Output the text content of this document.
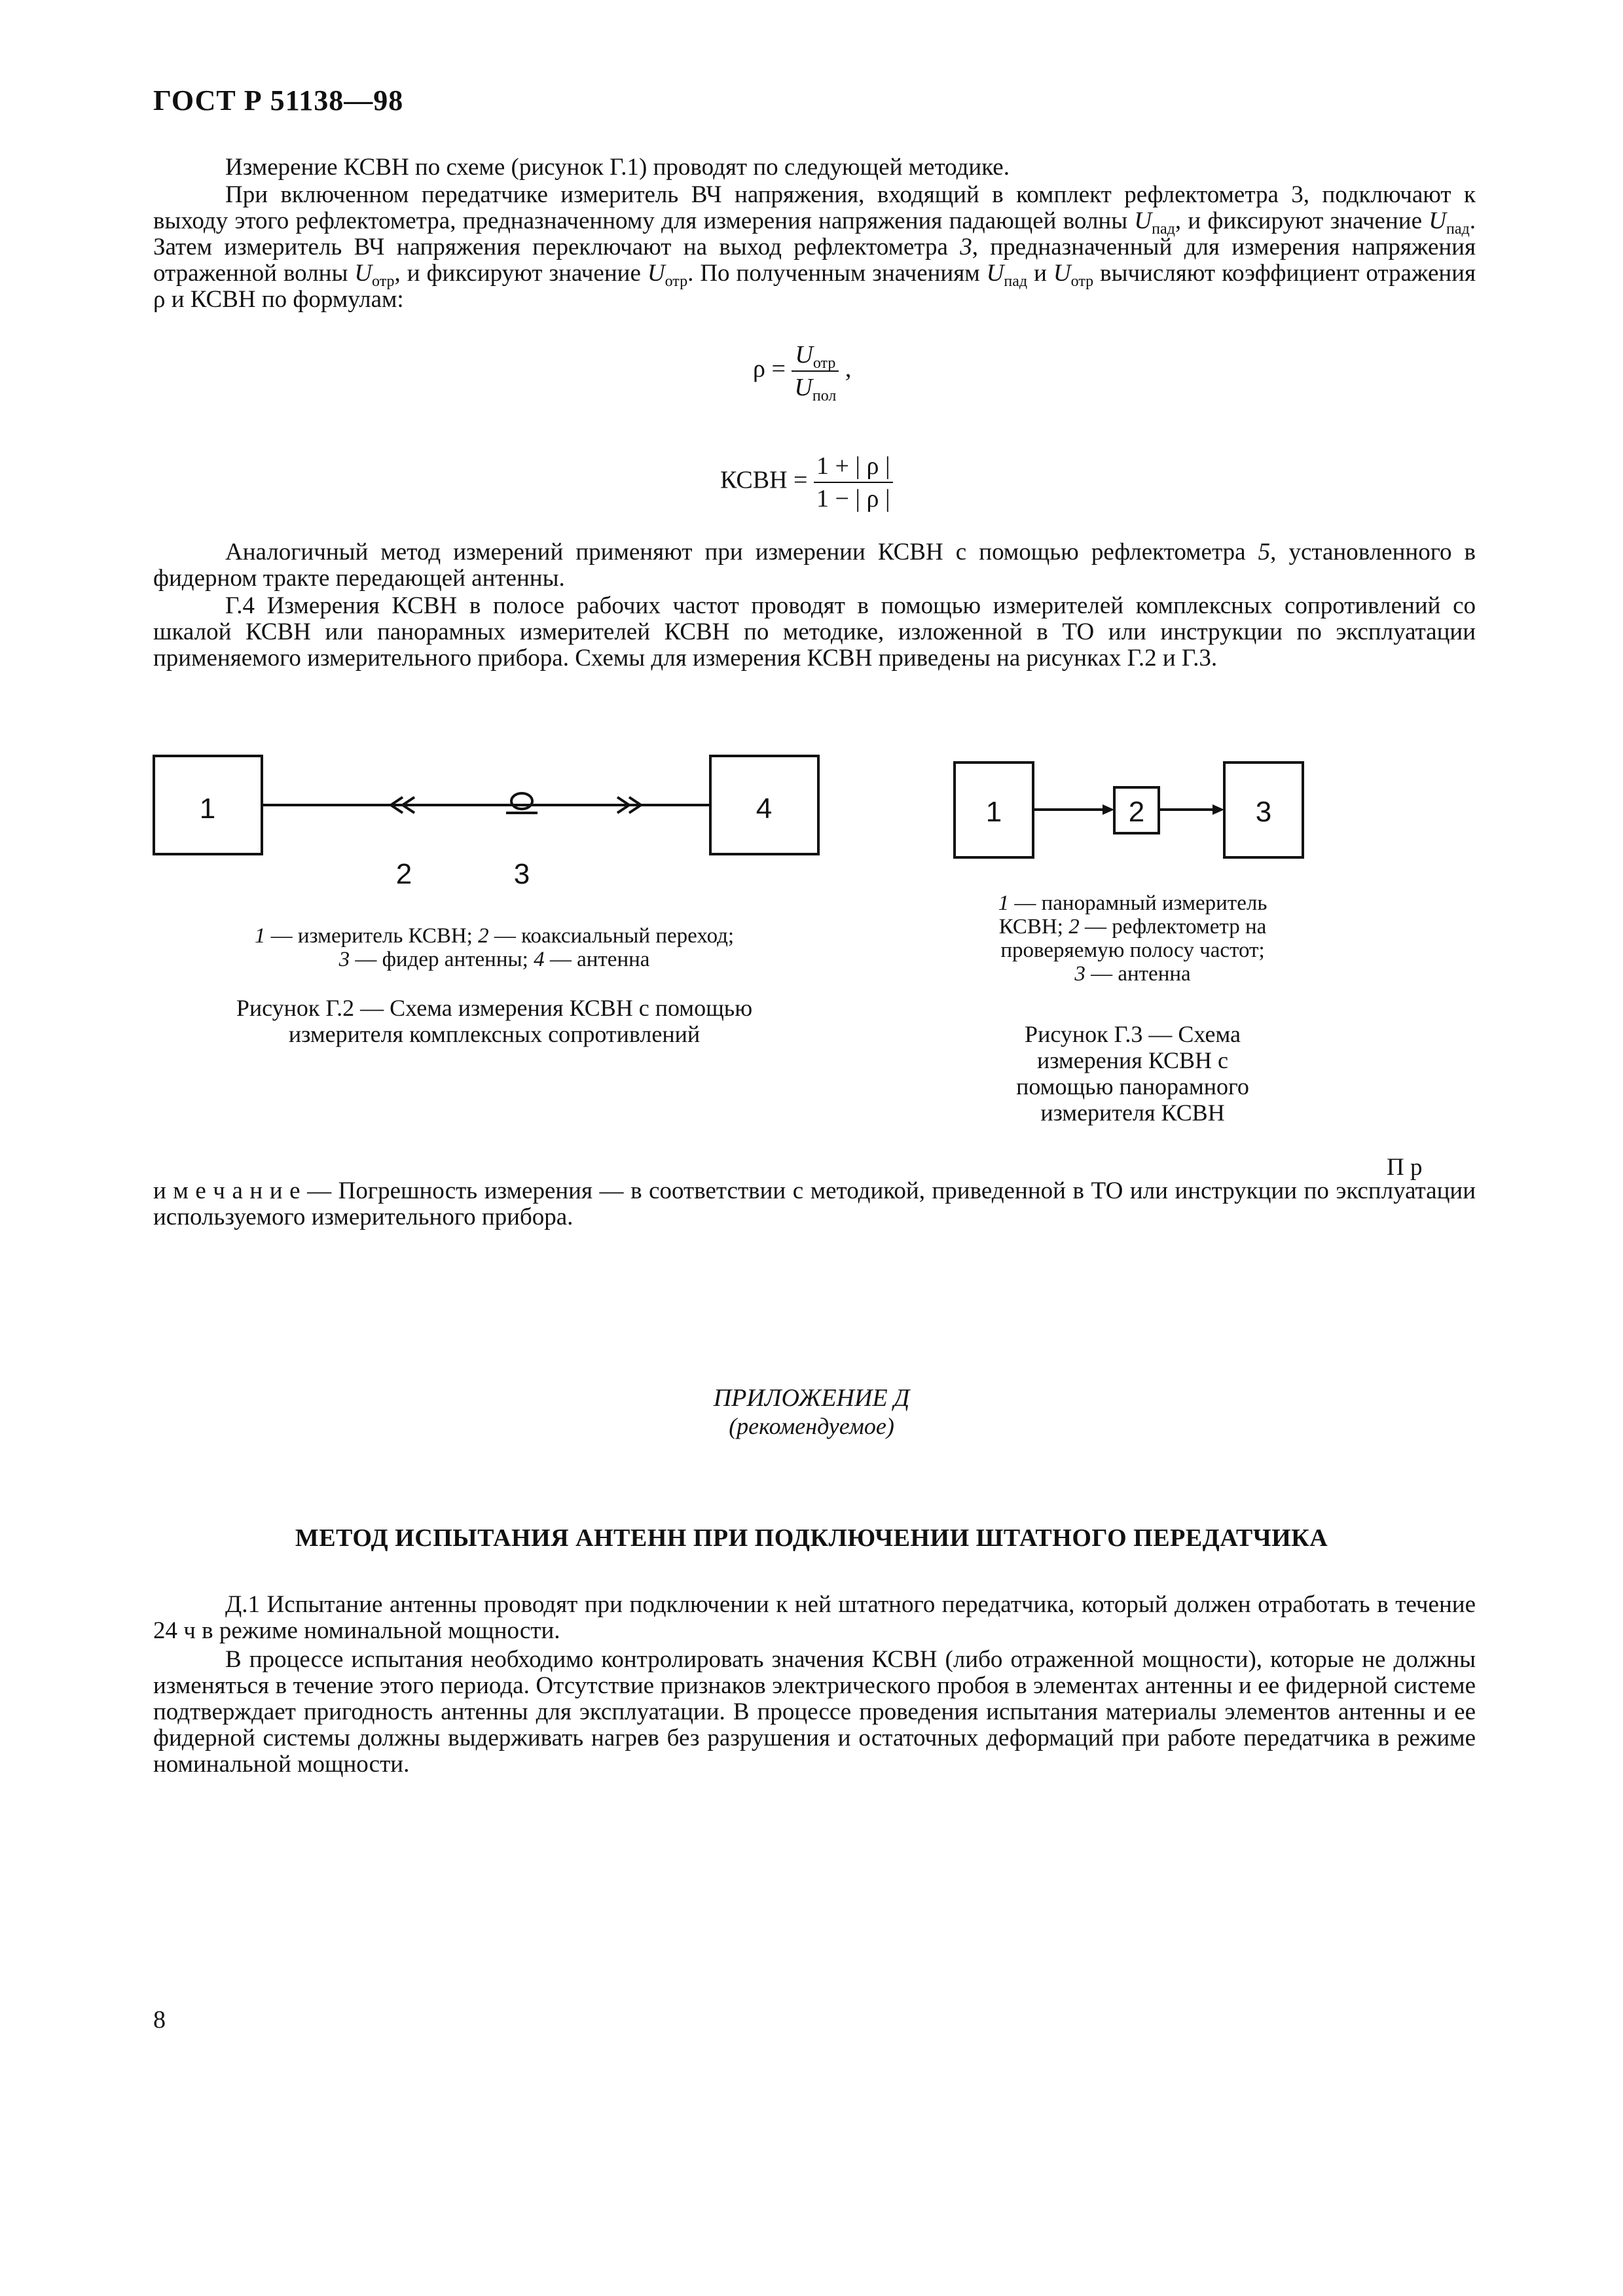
ГОСТ Р 51138—98
Измерение КСВН по схеме (рисунок Г.1) проводят по следующей методике.
При включенном передатчике измеритель ВЧ напряжения, входящий в комплект рефлектометра 3, подключают к выходу этого рефлектометра, предназначенному для измерения напряжения падающей волны $U_{пад}$, и фиксируют значение $U_{пад}$. Затем измеритель ВЧ напряжения переключают на выход рефлектометра 3, предназначенный для измерения напряжения отраженной волны $U_{отр}$, и фиксируют значение $U_{отр}$. По полученным значениям $U_{пад}$ и $U_{отр}$ вычисляют коэффициент отражения ρ и КСВН по формулам:
$\rho = \frac{U_{отр}}{U_{пол}}$ ,
КСВН = $\frac{1 + | \rho |}{1 - | \rho |}$
Аналогичный метод измерений применяют при измерении КСВН с помощью рефлектометра 5, установленного в фидерном тракте передающей антенны.
Г.4 Измерения КСВН в полосе рабочих частот проводят в помощью измерителей комплексных сопротивлений со шкалой КСВН или панорамных измерителей КСВН по методике, изложенной в ТО или инструкции по эксплуатации применяемого измерительного прибора. Схемы для измерения КСВН приведены на рисунках Г.2 и Г.3.
1	4
2	3
1 — измеритель КСВН; 2 — коаксиальный переход;
3 — фидер антенны; 4 — антенна
Рисунок Г.2 — Схема измерения КСВН с помощью
измерителя комплексных сопротивлений
1	2	3
1 — панорамный измеритель
КСВН; 2 — рефлектометр на
проверяемую полосу частот;
3 — антенна
Рисунок Г.3 — Схема
измерения КСВН с
помощью панорамного
измерителя КСВН
П р
и м е ч а н и е — Погрешность измерения — в соответствии с методикой, приведенной в ТО или инструкции по эксплуатации используемого измерительного прибора.
ПРИЛОЖЕНИЕ Д
(рекомендуемое)
МЕТОД ИСПЫТАНИЯ АНТЕНН ПРИ ПОДКЛЮЧЕНИИ ШТАТНОГО ПЕРЕДАТЧИКА
Д.1 Испытание антенны проводят при подключении к ней штатного передатчика, который должен отработать в течение 24 ч в режиме номинальной мощности.
В процессе испытания необходимо контролировать значения КСВН (либо отраженной мощности), которые не должны изменяться в течение этого периода. Отсутствие признаков электрического пробоя в элементах антенны и ее фидерной системе подтверждает пригодность антенны для эксплуатации. В процессе проведения испытания материалы элементов антенны и ее фидерной системы должны выдерживать нагрев без разрушения и остаточных деформаций при работе передатчика в режиме номинальной мощности.
8
